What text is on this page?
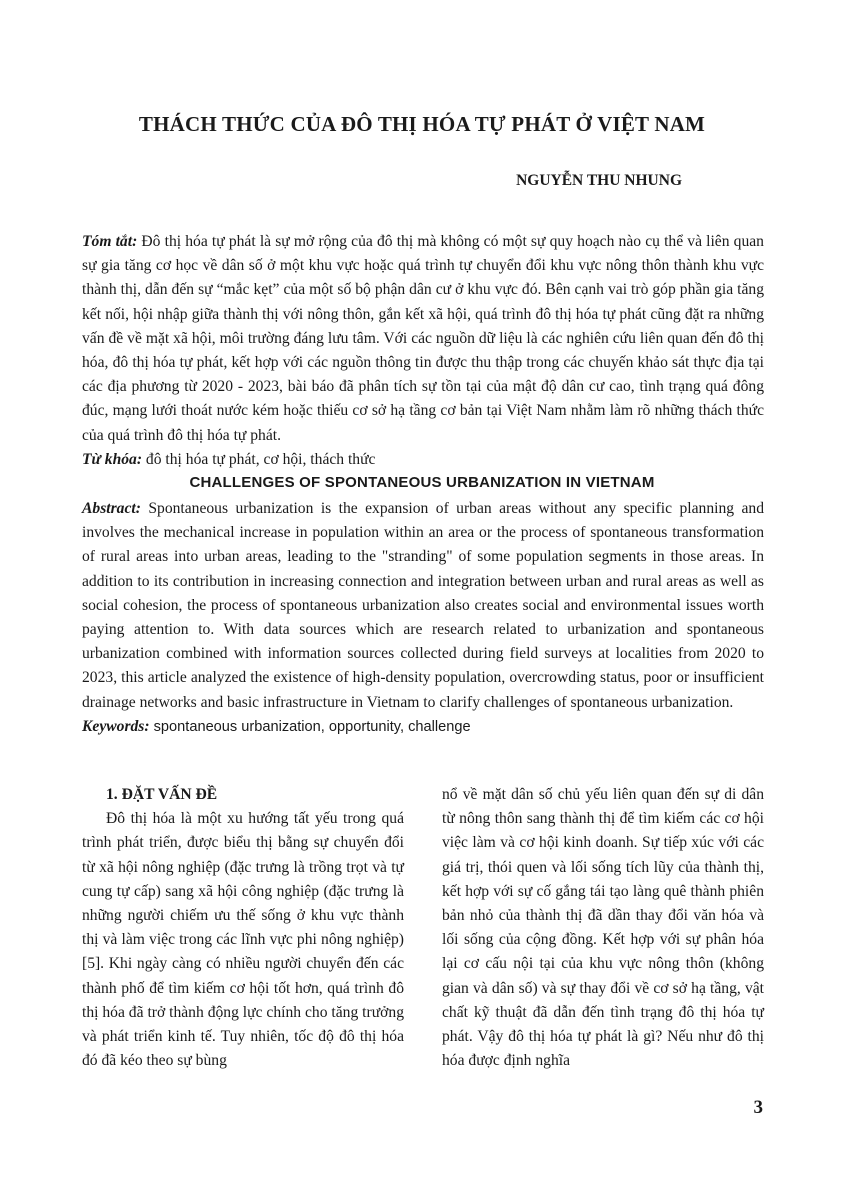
THÁCH THỨC CỦA ĐÔ THỊ HÓA TỰ PHÁT Ở VIỆT NAM

NGUYỄN THU NHUNG

Tóm tắt: Đô thị hóa tự phát là sự mở rộng của đô thị mà không có một sự quy hoạch nào cụ thể và liên quan sự gia tăng cơ học về dân số ở một khu vực hoặc quá trình tự chuyển đổi khu vực nông thôn thành khu vực thành thị, dẫn đến sự “mắc kẹt” của một số bộ phận dân cư ở khu vực đó. Bên cạnh vai trò góp phần gia tăng kết nối, hội nhập giữa thành thị với nông thôn, gắn kết xã hội, quá trình đô thị hóa tự phát cũng đặt ra những vấn đề về mặt xã hội, môi trường đáng lưu tâm. Với các nguồn dữ liệu là các nghiên cứu liên quan đến đô thị hóa, đô thị hóa tự phát, kết hợp với các nguồn thông tin được thu thập trong các chuyến khảo sát thực địa tại các địa phương từ 2020 - 2023, bài báo đã phân tích sự tồn tại của mật độ dân cư cao, tình trạng quá đông đúc, mạng lưới thoát nước kém hoặc thiếu cơ sở hạ tầng cơ bản tại Việt Nam nhằm làm rõ những thách thức của quá trình đô thị hóa tự phát.
Từ khóa: đô thị hóa tự phát, cơ hội, thách thức
CHALLENGES OF SPONTANEOUS URBANIZATION IN VIETNAM
Abstract: Spontaneous urbanization is the expansion of urban areas without any specific planning and involves the mechanical increase in population within an area or the process of spontaneous transformation of rural areas into urban areas, leading to the "stranding" of some population segments in those areas. In addition to its contribution in increasing connection and integration between urban and rural areas as well as social cohesion, the process of spontaneous urbanization also creates social and environmental issues worth paying attention to. With data sources which are research related to urbanization and spontaneous urbanization combined with information sources collected during field surveys at localities from 2020 to 2023, this article analyzed the existence of high-density population, overcrowding status, poor or insufficient drainage networks and basic infrastructure in Vietnam to clarify challenges of spontaneous urbanization.
Keywords: spontaneous urbanization, opportunity, challenge

1. ĐẶT VẤN ĐỀ

Đô thị hóa là một xu hướng tất yếu trong quá trình phát triển, được biểu thị bằng sự chuyển đổi từ xã hội nông nghiệp (đặc trưng là trồng trọt và tự cung tự cấp) sang xã hội công nghiệp (đặc trưng là những người chiếm ưu thế sống ở khu vực thành thị và làm việc trong các lĩnh vực phi nông nghiệp) [5]. Khi ngày càng có nhiều người chuyển đến các thành phố để tìm kiếm cơ hội tốt hơn, quá trình đô thị hóa đã trở thành động lực chính cho tăng trưởng và phát triển kinh tế. Tuy nhiên, tốc độ đô thị hóa đó đã kéo theo sự bùng

nổ về mặt dân số chủ yếu liên quan đến sự di dân từ nông thôn sang thành thị để tìm kiếm các cơ hội việc làm và cơ hội kinh doanh. Sự tiếp xúc với các giá trị, thói quen và lối sống tích lũy của thành thị, kết hợp với sự cố gắng tái tạo làng quê thành phiên bản nhỏ của thành thị đã dần thay đổi văn hóa và lối sống của cộng đồng. Kết hợp với sự phân hóa lại cơ cấu nội tại của khu vực nông thôn (không gian và dân số) và sự thay đổi về cơ sở hạ tầng, vật chất kỹ thuật đã dẫn đến tình trạng đô thị hóa tự phát. Vậy đô thị hóa tự phát là gì? Nếu như đô thị hóa được định nghĩa

3
